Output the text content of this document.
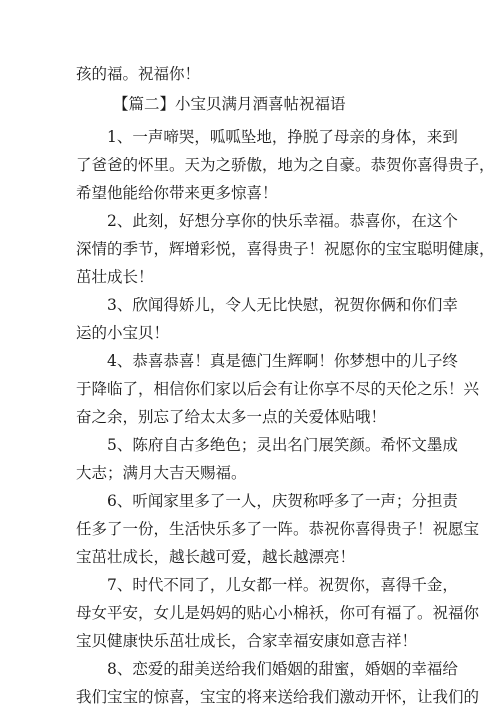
孩的福。祝福你！
【篇二】小宝贝满月酒喜帖祝福语
　　1、一声啼哭，呱呱坠地，挣脱了母亲的身体，来到
了爸爸的怀里。天为之骄傲，地为之自豪。恭贺你喜得贵子，
希望他能给你带来更多惊喜！
　　2、此刻，好想分享你的快乐幸福。恭喜你，在这个
深情的季节，辉增彩悦，喜得贵子！祝愿你的宝宝聪明健康，
茁壮成长！
　　3、欣闻得娇儿，令人无比快慰，祝贺你俩和你们幸
运的小宝贝！
　　4、恭喜恭喜！真是德门生辉啊！你梦想中的儿子终
于降临了，相信你们家以后会有让你享不尽的天伦之乐！兴
奋之余，别忘了给太太多一点的关爱体贴哦！
　　5、陈府自古多绝色；灵出名门展笑颜。希怀文墨成
大志；满月大吉天赐福。
　　6、听闻家里多了一人，庆贺称呼多了一声；分担责
任多了一份，生活快乐多了一阵。恭祝你喜得贵子！祝愿宝
宝茁壮成长，越长越可爱，越长越漂亮！
　　7、时代不同了，儿女都一样。祝贺你，喜得千金，
母女平安，女儿是妈妈的贴心小棉袄，你可有福了。祝福你
宝贝健康快乐茁壮成长，合家幸福安康如意吉祥！
　　8、恋爱的甜美送给我们婚姻的甜蜜，婚姻的幸福给
我们宝宝的惊喜，宝宝的将来送给我们激动开怀，让我们的
